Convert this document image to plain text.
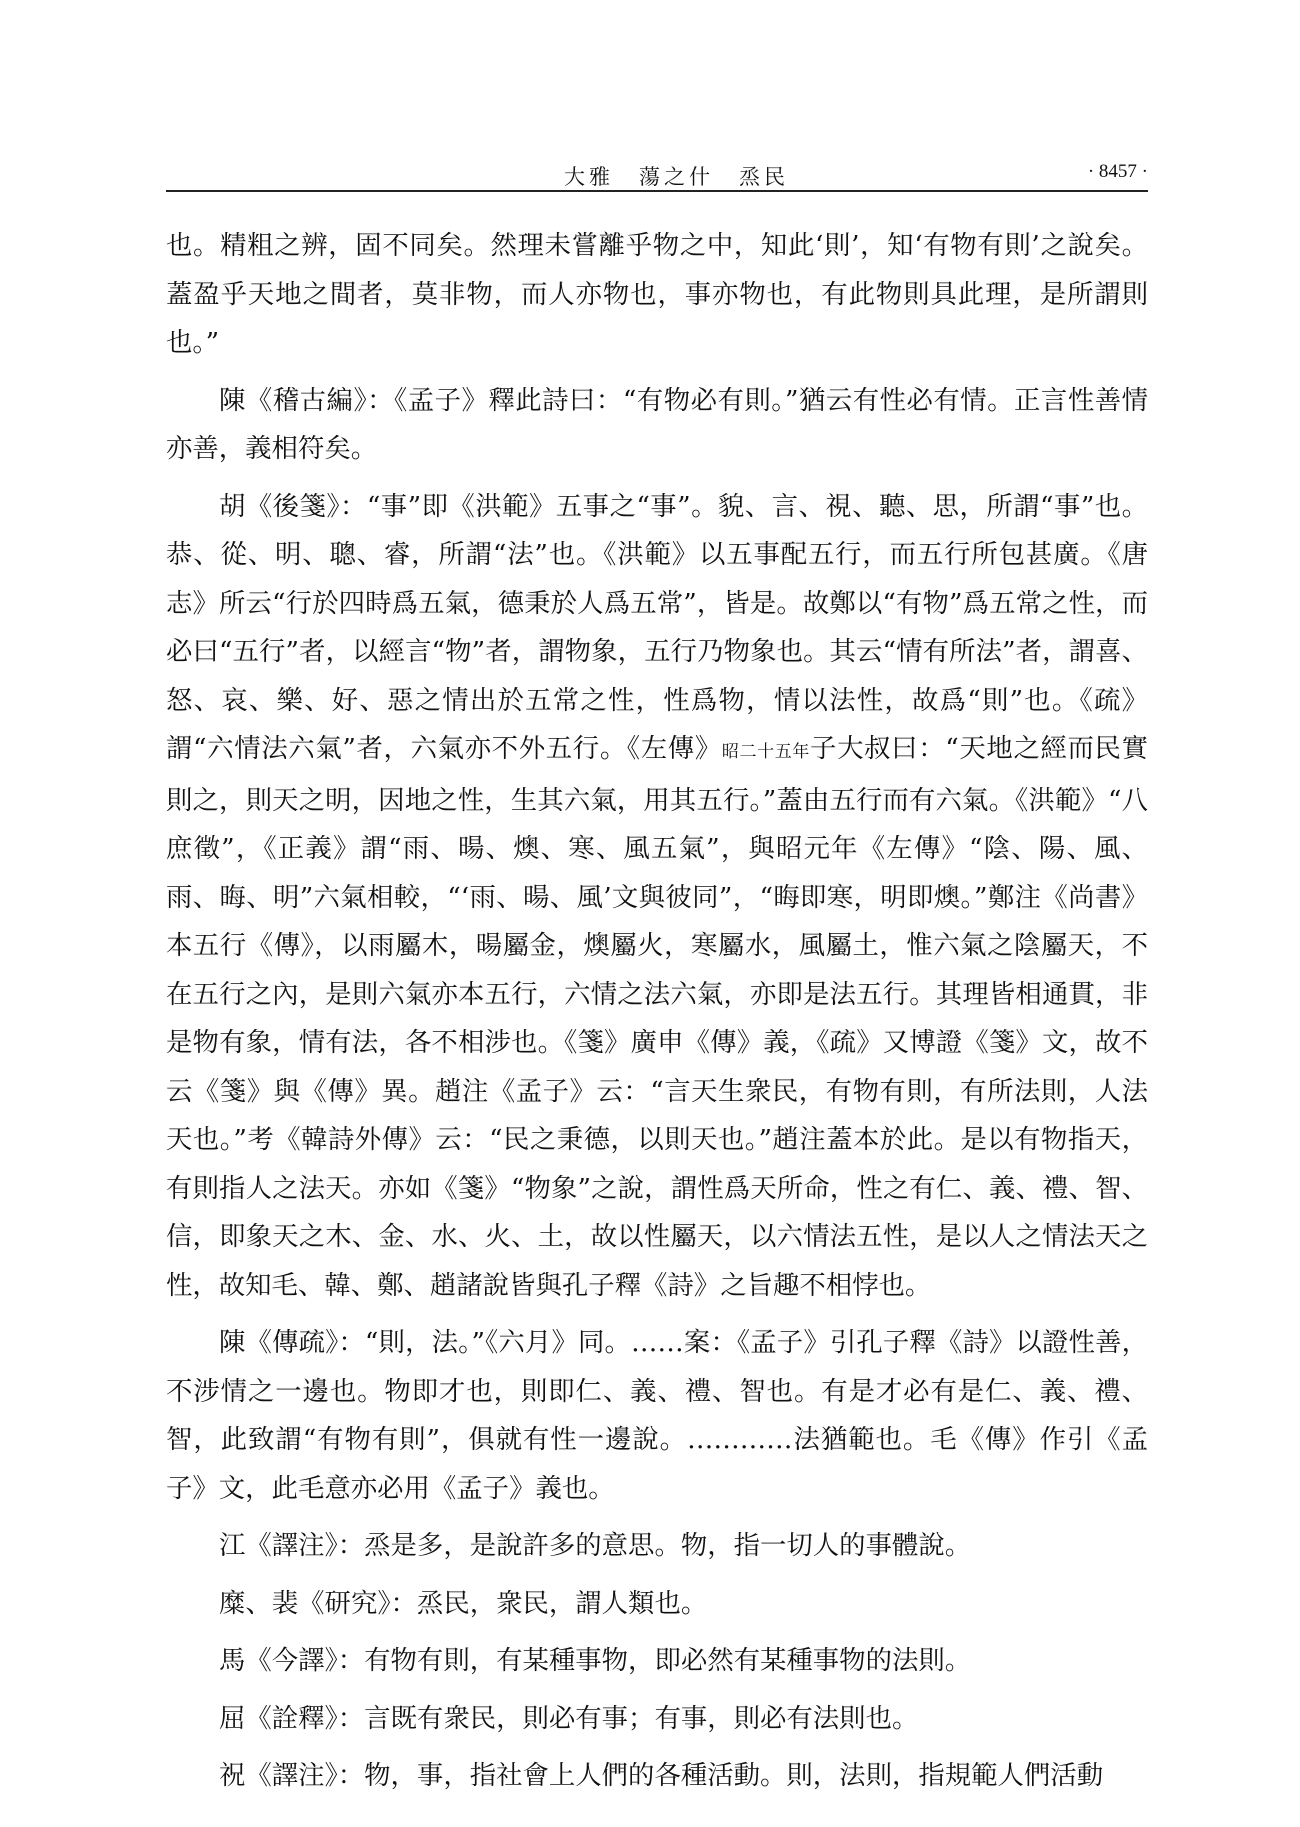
大雅　蕩之什　烝民	· 8457 ·

也。精粗之辨，固不同矣。然理未嘗離乎物之中，知此‘則’，知‘有物有則’之說矣。蓋盈乎天地之間者，莫非物，而人亦物也，事亦物也，有此物則具此理，是所謂則也。”

陳《稽古編》：《孟子》釋此詩曰：“有物必有則。”猶云有性必有情。正言性善情亦善，義相符矣。

胡《後箋》：“事”即《洪範》五事之“事”。貌、言、視、聽、思，所謂“事”也。恭、從、明、聰、睿，所謂“法”也。《洪範》以五事配五行，而五行所包甚廣。《唐志》所云“行於四時爲五氣，德秉於人爲五常”，皆是。故鄭以“有物”爲五常之性，而必曰“五行”者，以經言“物”者，謂物象，五行乃物象也。其云“情有所法”者，謂喜、怒、哀、樂、好、惡之情出於五常之性，性爲物，情以法性，故爲“則”也。《疏》謂“六情法六氣”者，六氣亦不外五行。《左傳》昭二十五年子大叔曰：“天地之經而民實則之，則天之明，因地之性，生其六氣，用其五行。”蓋由五行而有六氣。《洪範》“八庶徵”，《正義》謂“雨、暘、燠、寒、風五氣”，與昭元年《左傳》“陰、陽、風、雨、晦、明”六氣相較，“‘雨、暘、風’文與彼同”，“晦即寒，明即燠。”鄭注《尚書》本五行《傳》，以雨屬木，暘屬金，燠屬火，寒屬水，風屬土，惟六氣之陰屬天，不在五行之內，是則六氣亦本五行，六情之法六氣，亦即是法五行。其理皆相通貫，非是物有象，情有法，各不相涉也。《箋》廣申《傳》義，《疏》又博證《箋》文，故不云《箋》與《傳》異。趙注《孟子》云：“言天生衆民，有物有則，有所法則，人法天也。”考《韓詩外傳》云：“民之秉德，以則天也。”趙注蓋本於此。是以有物指天，有則指人之法天。亦如《箋》“物象”之說，謂性爲天所命，性之有仁、義、禮、智、信，即象天之木、金、水、火、土，故以性屬天，以六情法五性，是以人之情法天之性，故知毛、韓、鄭、趙諸說皆與孔子釋《詩》之旨趣不相悖也。

陳《傳疏》：“則，法。”《六月》同。……案：《孟子》引孔子釋《詩》以證性善，不涉情之一邊也。物即才也，則即仁、義、禮、智也。有是才必有是仁、義、禮、智，此致謂“有物有則”，俱就有性一邊說。…………法猶範也。毛《傳》作引《孟子》文，此毛意亦必用《孟子》義也。

江《譯注》：烝是多，是說許多的意思。物，指一切人的事體說。

糜、裴《研究》：烝民，衆民，謂人類也。

馬《今譯》：有物有則，有某種事物，即必然有某種事物的法則。

屈《詮釋》：言既有衆民，則必有事；有事，則必有法則也。

祝《譯注》：物，事，指社會上人們的各種活動。則，法則，指規範人們活動
